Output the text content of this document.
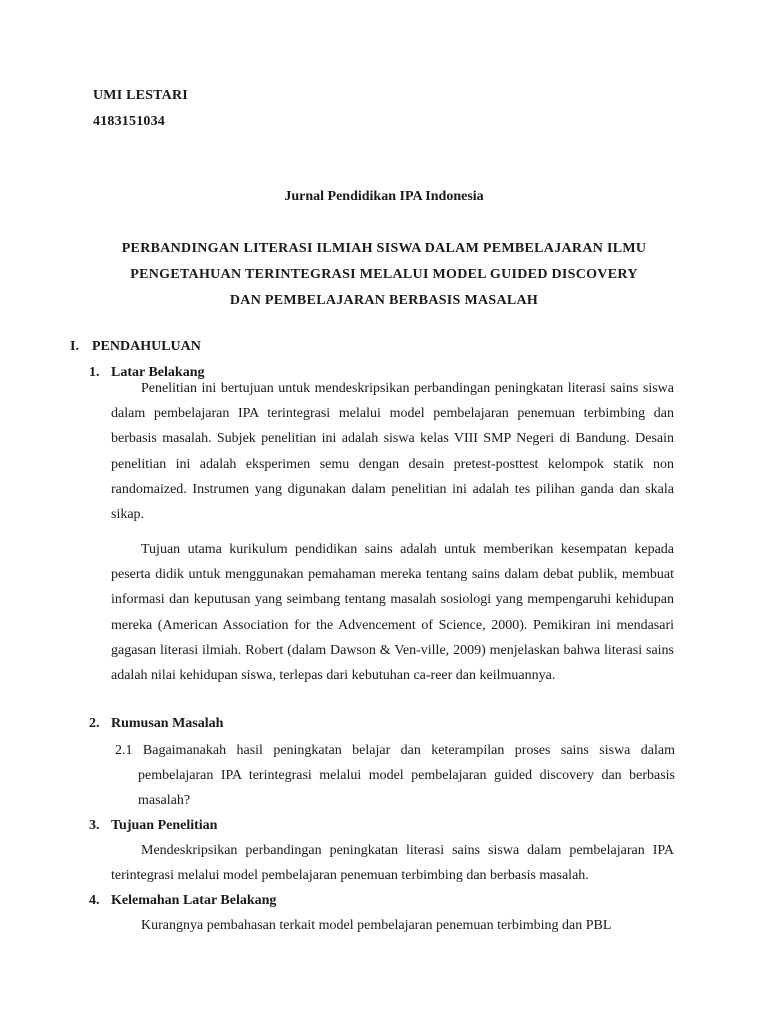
UMI LESTARI
4183151034
Jurnal Pendidikan IPA Indonesia
PERBANDINGAN LITERASI ILMIAH SISWA DALAM PEMBELAJARAN ILMU
PENGETAHUAN TERINTEGRASI MELALUI MODEL GUIDED DISCOVERY
DAN PEMBELAJARAN BERBASIS MASALAH
I. PENDAHULUAN
1. Latar Belakang
Penelitian ini bertujuan untuk mendeskripsikan perbandingan peningkatan literasi sains siswa dalam pembelajaran IPA terintegrasi melalui model pembelajaran penemuan terbimbing dan berbasis masalah. Subjek penelitian ini adalah siswa kelas VIII SMP Negeri di Bandung. Desain penelitian ini adalah eksperimen semu dengan desain pretest-posttest kelompok statik non randomaized. Instrumen yang digunakan dalam penelitian ini adalah tes pilihan ganda dan skala sikap.
Tujuan utama kurikulum pendidikan sains adalah untuk memberikan kesempatan kepada peserta didik untuk menggunakan pemahaman mereka tentang sains dalam debat publik, membuat informasi dan keputusan yang seimbang tentang masalah sosiologi yang mempengaruhi kehidupan mereka (American Association for the Advencement of Science, 2000). Pemikiran ini mendasari gagasan literasi ilmiah. Robert (dalam Dawson & Ven-ville, 2009) menjelaskan bahwa literasi sains adalah nilai kehidupan siswa, terlepas dari kebutuhan ca-reer dan keilmuannya.
2. Rumusan Masalah
2.1 Bagaimanakah hasil peningkatan belajar dan keterampilan proses sains siswa dalam pembelajaran IPA terintegrasi melalui model pembelajaran guided discovery dan berbasis masalah?
3. Tujuan Penelitian
Mendeskripsikan perbandingan peningkatan literasi sains siswa dalam pembelajaran IPA terintegrasi melalui model pembelajaran penemuan terbimbing dan berbasis masalah.
4. Kelemahan Latar Belakang
Kurangnya pembahasan terkait model pembelajaran penemuan terbimbing dan PBL
